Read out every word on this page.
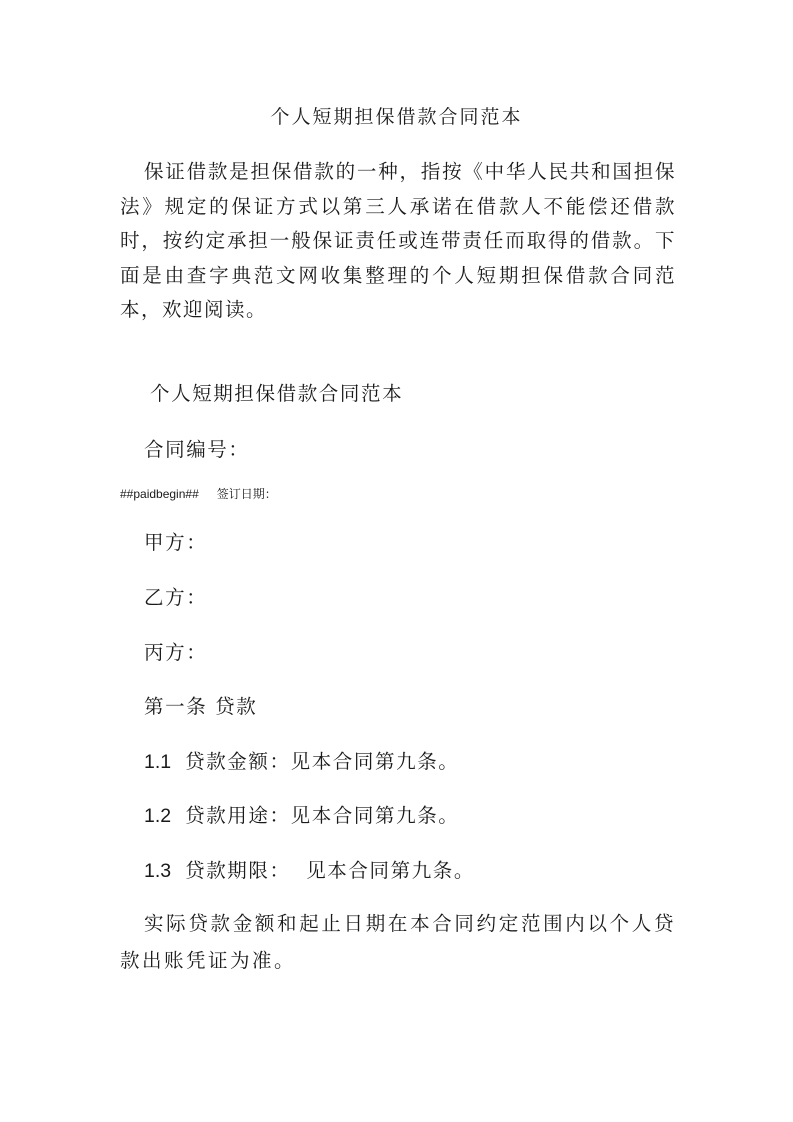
个人短期担保借款合同范本

保证借款是担保借款的一种，指按《中华人民共和国担保法》规定的保证方式以第三人承诺在借款人不能偿还借款时，按约定承担一般保证责任或连带责任而取得的借款。下面是由查字典范文网收集整理的个人短期担保借款合同范本，欢迎阅读。

个人短期担保借款合同范本
合同编号：
##paidbegin## 签订日期：
甲方：
乙方：
丙方：
第一条 贷款
1.1 贷款金额：见本合同第九条。
1.2 贷款用途：见本合同第九条。
1.3 贷款期限：  见本合同第九条。

实际贷款金额和起止日期在本合同约定范围内以个人贷款出账凭证为准。
